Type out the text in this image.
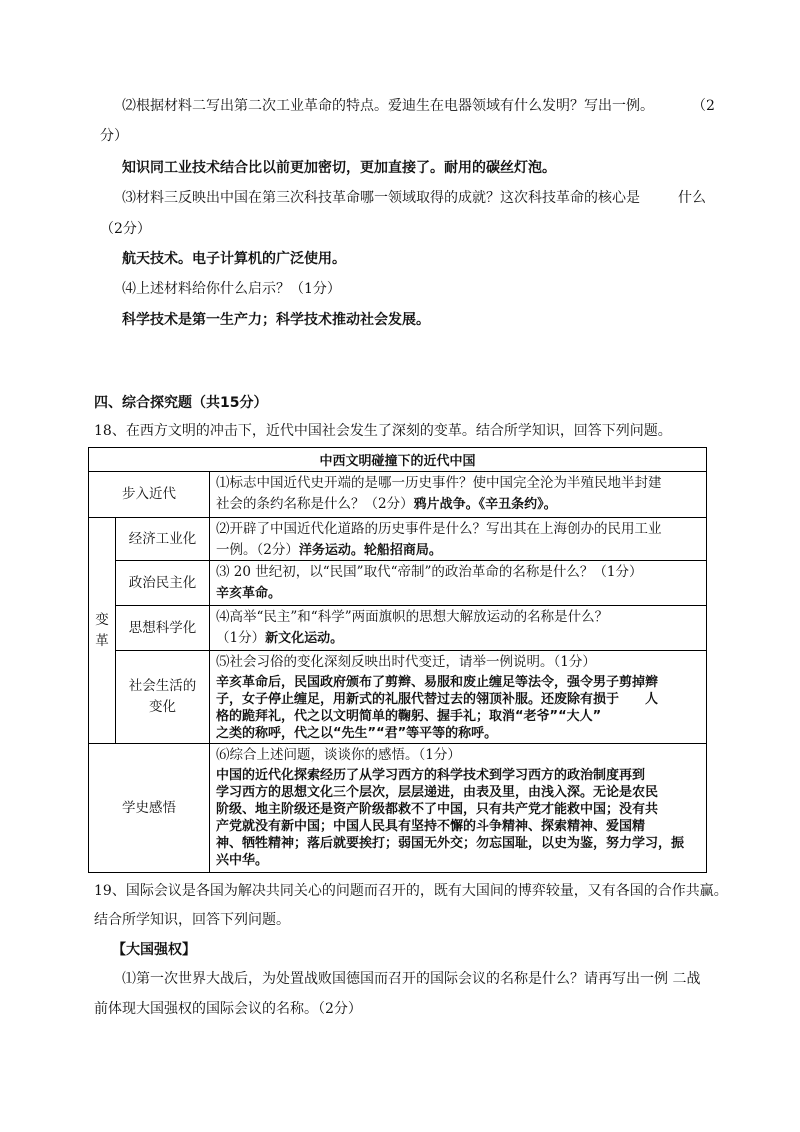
⑵根据材料二写出第二次工业革命的特点。爱迪生在电器领域有什么发明？写出一例。	（2
分）
知识同工业技术结合比以前更加密切，更加直接了。耐用的碳丝灯泡。
⑶材料三反映出中国在第三次科技革命哪一领域取得的成就？这次科技革命的核心是	什么
（2分）
航天技术。电子计算机的广泛使用。
⑷上述材料给你什么启示？（1分）
科学技术是第一生产力；科学技术推动社会发展。
四、综合探究题（共15分）
18、在西方文明的冲击下，近代中国社会发生了深刻的变革。结合所学知识，回答下列问题。
中西文明碰撞下的近代中国
步入近代
⑴标志中国近代史开端的是哪一历史事件？使中国完全沦为半殖民地半封建
社会的条约名称是什么？（2分）鸦片战争。《辛丑条约》。
变
革
经济工业化
⑵开辟了中国近代化道路的历史事件是什么？写出其在上海创办的民用工业
一例。（2分）洋务运动。轮船招商局。
政治民主化
⑶ 20 世纪初，以“民国”取代“帝制”的政治革命的名称是什么？（1分）
辛亥革命。
思想科学化
⑷高举“民主”和“科学”两面旗帜的思想大解放运动的名称是什么？
（1分）新文化运动。
社会生活的
变化
⑸社会习俗的变化深刻反映出时代变迁，请举一例说明。（1分）
辛亥革命后，民国政府颁布了剪辫、易服和废止缠足等法令，强令男子剪掉辫
子，女子停止缠足，用新式的礼服代替过去的翎顶补服。还废除有损于　　人
格的跪拜礼，代之以文明简单的鞠躬、握手礼；取消“老爷”“大人”
之类的称呼，代之以“先生”“君”等平等的称呼。
学史感悟
⑹综合上述问题，谈谈你的感悟。（1分）
中国的近代化探索经历了从学习西方的科学技术到学习西方的政治制度再到
学习西方的思想文化三个层次，层层递进，由表及里，由浅入深。无论是农民
阶级、地主阶级还是资产阶级都救不了中国，只有共产党才能救中国；没有共
产党就没有新中国；中国人民具有坚持不懈的斗争精神、探索精神、爱国精
神、牺牲精神；落后就要挨打；弱国无外交；勿忘国耻，以史为鉴，努力学习，振
兴中华。
19、国际会议是各国为解决共同关心的问题而召开的，既有大国间的博弈较量，又有各国的合作共赢。
结合所学知识，回答下列问题。
【大国强权】
⑴第一次世界大战后，为处置战败国德国而召开的国际会议的名称是什么？请再写出一例 二战
前体现大国强权的国际会议的名称。（2分）
